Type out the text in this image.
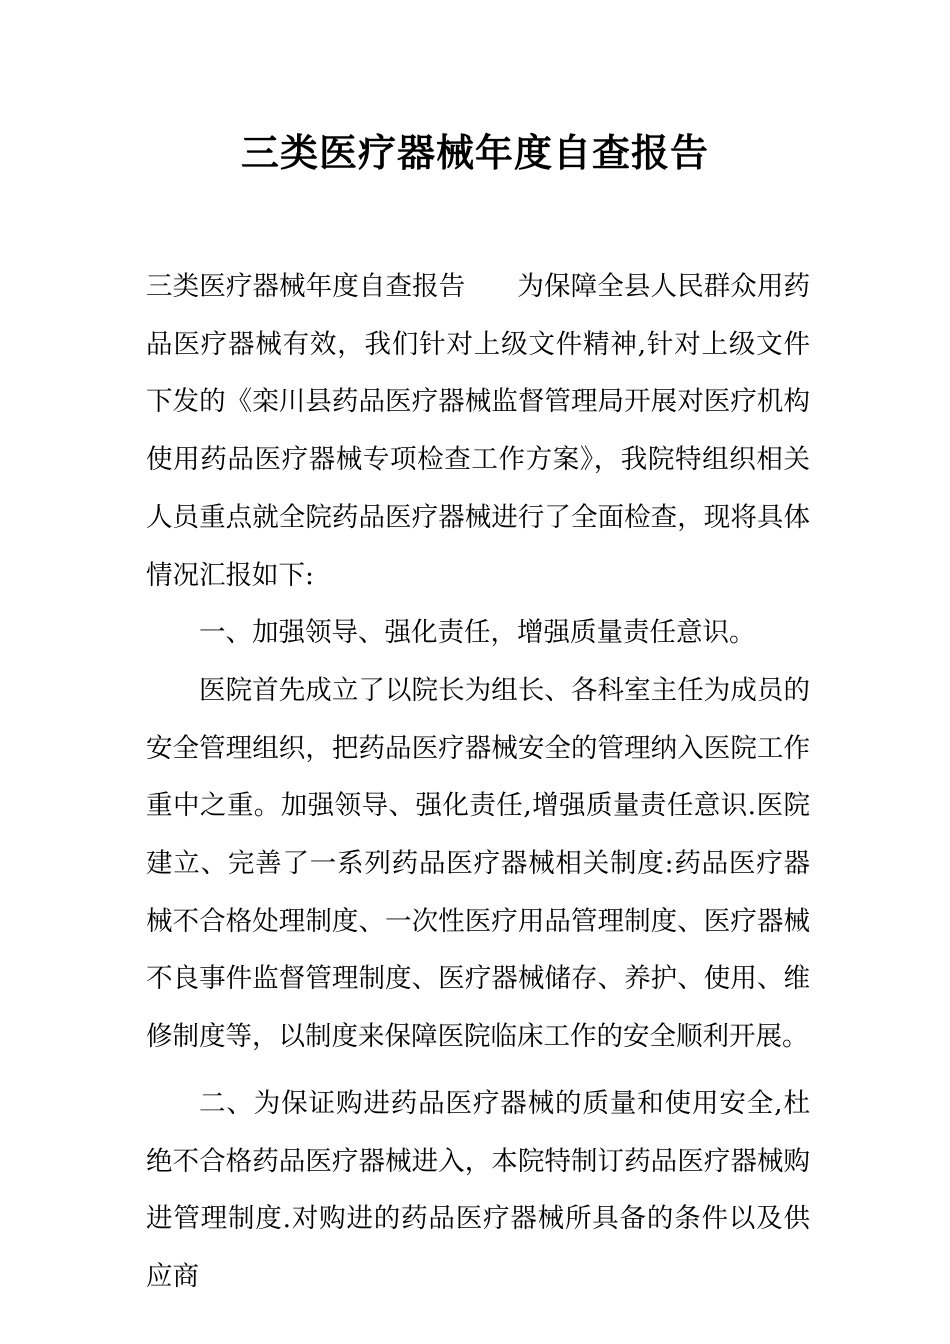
三类医疗器械年度自查报告

三类医疗器械年度自查报告 为保障全县人民群众用药品医疗器械有效，我们针对上级文件精神,针对上级文件下发的《栾川县药品医疗器械监督管理局开展对医疗机构使用药品医疗器械专项检查工作方案》，我院特组织相关人员重点就全院药品医疗器械进行了全面检查，现将具体情况汇报如下:

一、加强领导、强化责任，增强质量责任意识。

医院首先成立了以院长为组长、各科室主任为成员的安全管理组织，把药品医疗器械安全的管理纳入医院工作重中之重。加强领导、强化责任,增强质量责任意识.医院建立、完善了一系列药品医疗器械相关制度:药品医疗器械不合格处理制度、一次性医疗用品管理制度、医疗器械不良事件监督管理制度、医疗器械储存、养护、使用、维修制度等，以制度来保障医院临床工作的安全顺利开展。

二、为保证购进药品医疗器械的质量和使用安全,杜绝不合格药品医疗器械进入，本院特制订药品医疗器械购进管理制度.对购进的药品医疗器械所具备的条件以及供应商
